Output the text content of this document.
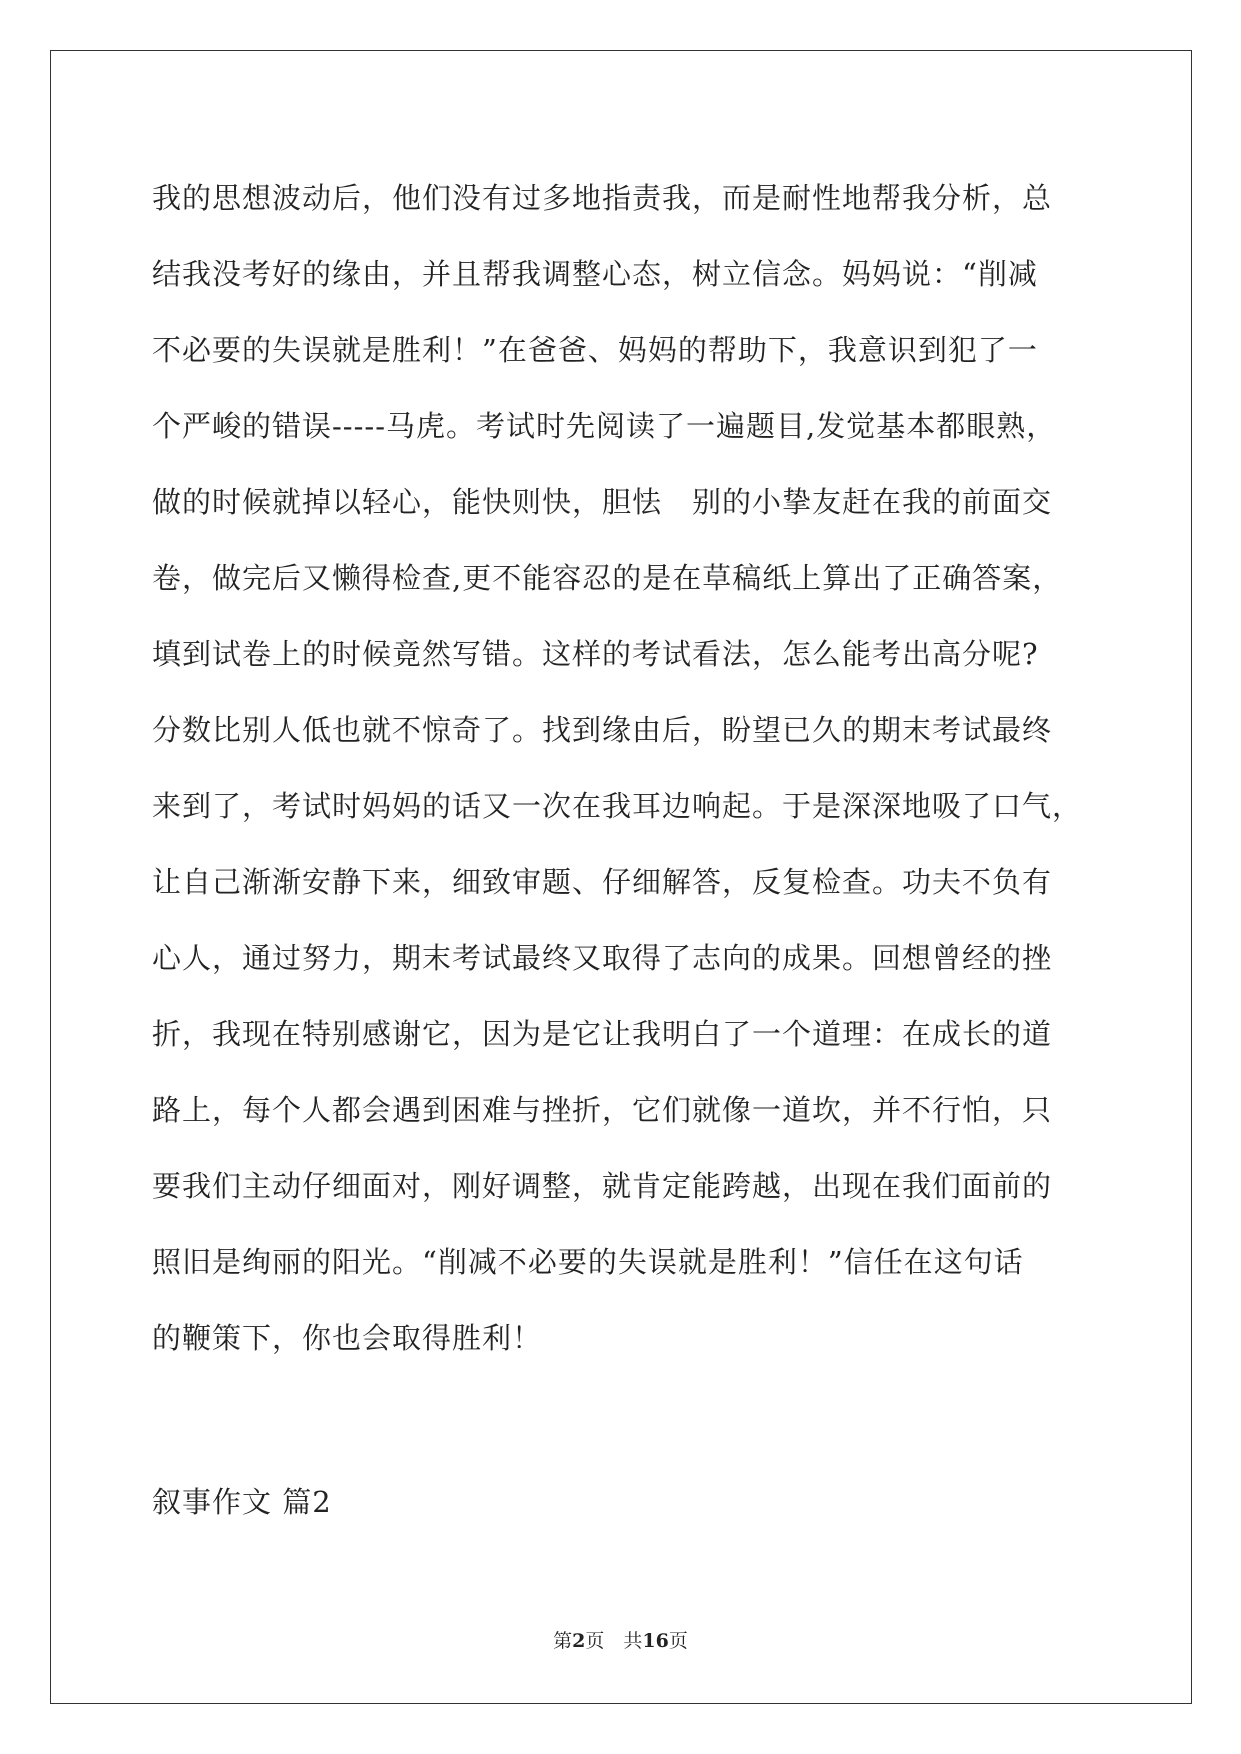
我的思想波动后，他们没有过多地指责我，而是耐性地帮我分析，总
结我没考好的缘由，并且帮我调整心态，树立信念。妈妈说：“削减
不必要的失误就是胜利！”在爸爸、妈妈的帮助下，我意识到犯了一
个严峻的错误-----马虎。考试时先阅读了一遍题目,发觉基本都眼熟，
做的时候就掉以轻心，能快则快，胆怯　别的小挚友赶在我的前面交
卷，做完后又懒得检查,更不能容忍的是在草稿纸上算出了正确答案，
填到试卷上的时候竟然写错。这样的考试看法，怎么能考出高分呢?
分数比别人低也就不惊奇了。找到缘由后，盼望已久的期末考试最终
来到了，考试时妈妈的话又一次在我耳边响起。于是深深地吸了口气，
让自己渐渐安静下来，细致审题、仔细解答，反复检查。功夫不负有
心人，通过努力，期末考试最终又取得了志向的成果。回想曾经的挫
折，我现在特别感谢它，因为是它让我明白了一个道理：在成长的道
路上，每个人都会遇到困难与挫折，它们就像一道坎，并不行怕，只
要我们主动仔细面对，刚好调整，就肯定能跨越，出现在我们面前的
照旧是绚丽的阳光。“削减不必要的失误就是胜利！”信任在这句话
的鞭策下，你也会取得胜利！
叙事作文 篇2
第2页　共16页
